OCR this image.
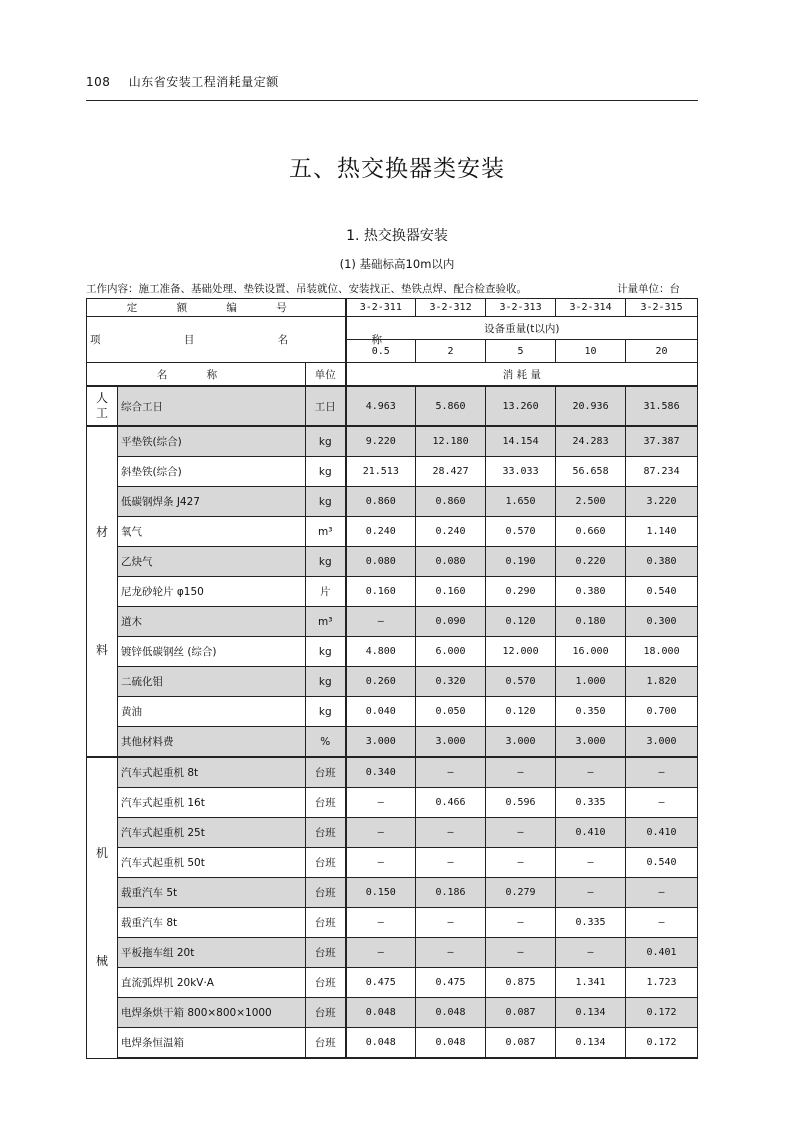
108 山东省安装工程消耗量定额
五、热交换器类安装
1. 热交换器安装
(1) 基础标高10m以内
工作内容：施工准备、基础处理、垫铁设置、吊装就位、安装找正、垫铁点焊、配合检查验收。	计量单位：台
定 额 编 号			3-2-311	3-2-312	3-2-313	3-2-314	3-2-315
项 目 名 称			设备重量(t以内)				
			0.5	2	5	10	20
名 称		单位	消 耗 量				

人
工	综合工日	工日	4.963	5.860	13.260	20.936	31.586

材
料	平垫铁(综合)	kg	9.220	12.180	14.154	24.283	37.387
	斜垫铁(综合)	kg	21.513	28.427	33.033	56.658	87.234
	低碳钢焊条 J427	kg	0.860	0.860	1.650	2.500	3.220
	氧气	m³	0.240	0.240	0.570	0.660	1.140
	乙炔气	kg	0.080	0.080	0.190	0.220	0.380
	尼龙砂轮片 φ150	片	0.160	0.160	0.290	0.380	0.540
	道木	m³	—	0.090	0.120	0.180	0.300
	镀锌低碳钢丝 (综合)	kg	4.800	6.000	12.000	16.000	18.000
	二硫化钼	kg	0.260	0.320	0.570	1.000	1.820
	黄油	kg	0.040	0.050	0.120	0.350	0.700
	其他材料费	%	3.000	3.000	3.000	3.000	3.000

机
械	汽车式起重机 8t	台班	0.340	—	—	—	—
	汽车式起重机 16t	台班	—	0.466	0.596	0.335	—
	汽车式起重机 25t	台班	—	—	—	0.410	0.410
	汽车式起重机 50t	台班	—	—	—	—	0.540
	载重汽车 5t	台班	0.150	0.186	0.279	—	—
	载重汽车 8t	台班	—	—	—	0.335	—
	平板拖车组 20t	台班	—	—	—	—	0.401
	直流弧焊机 20kV·A	台班	0.475	0.475	0.875	1.341	1.723
	电焊条烘干箱 800×800×1000	台班	0.048	0.048	0.087	0.134	0.172
	电焊条恒温箱	台班	0.048	0.048	0.087	0.134	0.172
